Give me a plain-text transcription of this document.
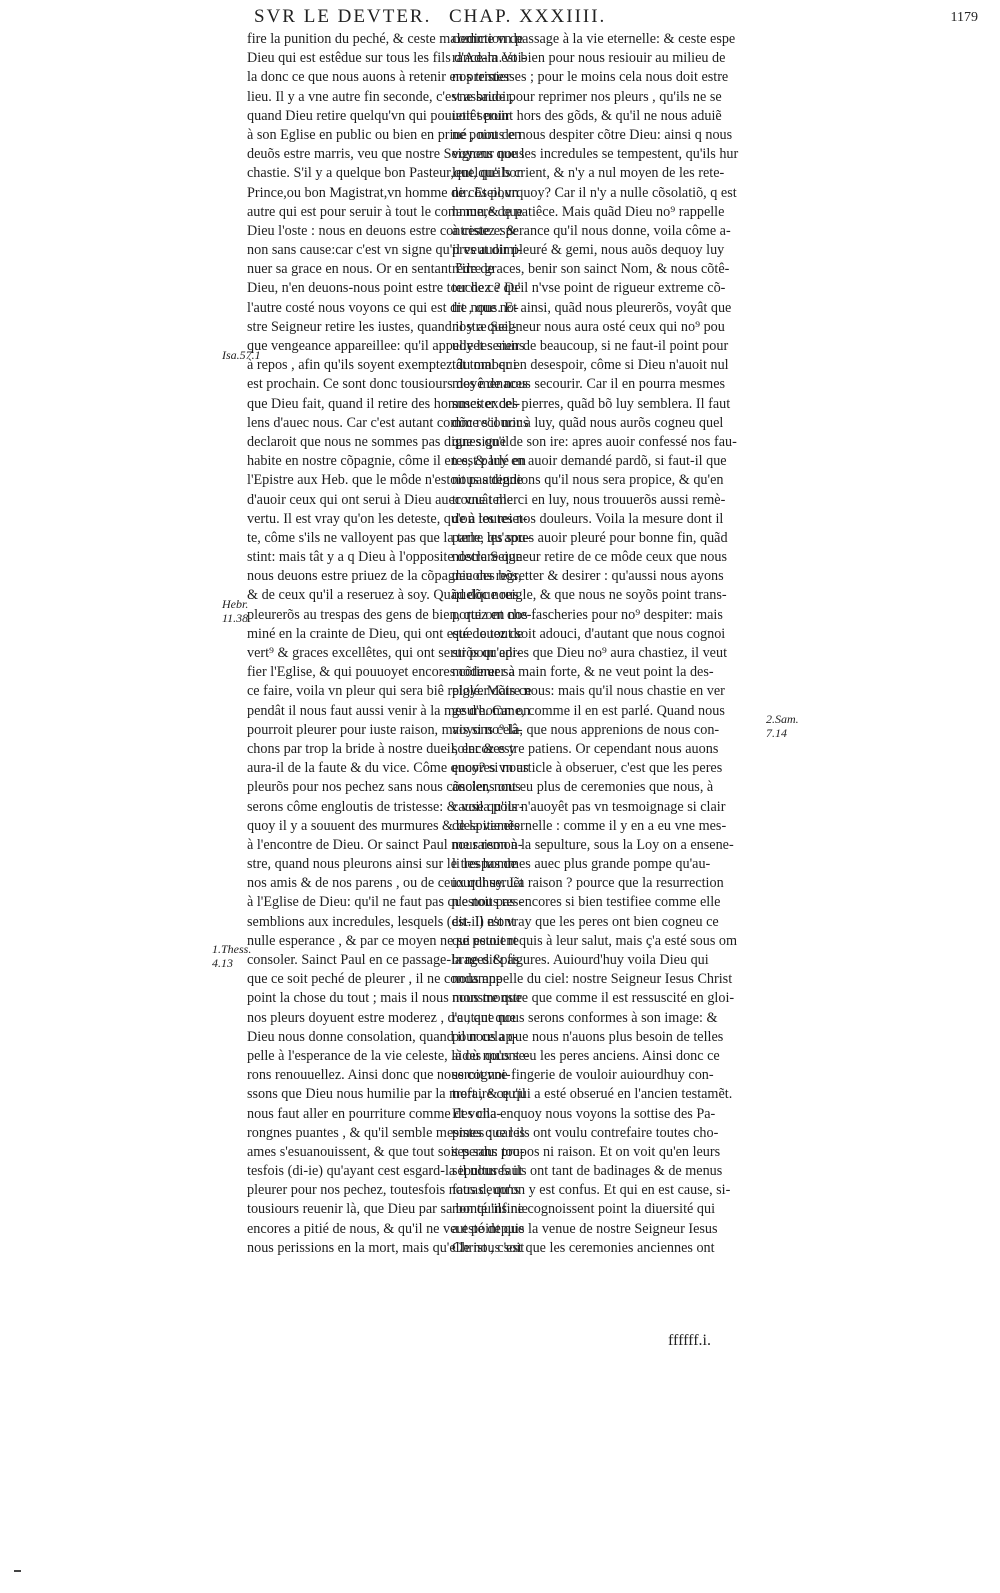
SVR LE DEVTER. CHAP. XXXIIII.	1179
fire la punition du peché, & ceste malediction de
Dieu qui est estêdue sur tous les fils d'Adam.Voi-
la donc ce que nous auons à retenir en premier
lieu. Il y a vne autre fin seconde, c'est assauoir,
quand Dieu retire quelqu'vn qui pouuoit seruir
à son Eglise en public ou bien en priué , nous en
deuõs estre marris, veu que nostre Seigneur nous
chastie. S'il y a quelque bon Pasteur,quelque bon
Prince,ou bon Magistrat,vn homme de cõseil,vn
autre qui est pour seruir à tout le commun,& que
Dieu l'oste : nous en deuons estre contristez : &
non sans cause:car c'est vn signe qu'il veut dimi-
nuer sa grace en nous. Or en sentant l'ire de
Dieu, n'en deuons-nous point estre touchez ? De
l'autre costé nous voyons ce qui est dit , que no-
stre Seigneur retire les iustes, quand il y a quel-
que vengeance appareillee: qu'il appelle les siens
à repos , afin qu'ils soyent exemptez du mal qui
est prochain. Ce sont donc tousiours des menaces
que Dieu fait, quand il retire des hommes excel-
lens d'auec nous. Car c'est autant comme s'il nous
declaroit que nous ne sommes pas dignes qu'il
habite en nostre cõpagnie, côme il en est parlé en
l'Epistre aux Heb. que le môde n'estoit pas digne
d'auoir ceux qui ont serui à Dieu auec vne telle
vertu. Il est vray qu'on les deteste, qu'on les reiet-
te, côme s'ils ne valloyent pas que la terre les sou-
stint: mais tât y a q Dieu à l'opposite declare que
nous deuons estre priuez de la cõpagnie des bõs,
& de ceux qu'il a reseruez à soy. Quãd dõc nous
pleurerõs au trespas des gens de bien, qui ont che-
miné en la crainte de Dieu, qui ont esté douez de
vert⁹ & graces excellêtes, qui ont serui pour edi-
fier l'Eglise, & qui pouuoyet encores cõtinuer à
ce faire, voila vn pleur qui sera biê reiglé. Mais ce
pendât il nous faut aussi venir à la mesure. Car on
pourroit pleurer pour iuste raison, mais si no⁹ lâ-
chons par trop la bride à nostre dueil, encores y
aura-il de la faute & du vice. Côme quoy? si nous
pleurõs pour nos pechez sans nous cõsoler, nous
serons côme engloutis de tristesse: & voila pour-
quoy il y a souuent des murmures & despitemẽs
à l'encontre de Dieu. Or sainct Paul nous remon-
stre, quand nous pleurons ainsi sur le trespas de
nos amis & de nos parens , ou de ceux qui seruẽt
à l'Eglise de Dieu: qu'il ne faut pas que nous res-
semblions aux incredules, lesquels (dit-il) n'ont
nulle esperance , & par ce moyen ne se peuuent
consoler. Sainct Paul en ce passage-la ne dit pas
que ce soit peché de pleurer , il ne condamne
point la chose du tout ; mais il nous monstre que
nos pleurs doyuent estre moderez , d'autant que
Dieu nous donne consolation, quand il nous ap-
pelle à l'esperance de la vie celeste, là où nous se-
rons renouuellez. Ainsi donc que nous cognoi-
ssons que Dieu nous humilie par la mort , & qu'il
nous faut aller en pourriture comme des cha-
rongnes puantes , & qu'il semble mesmes que les
ames s'esuanouissent, & que tout soit perdu: tou-
tesfois (di-ie) qu'ayant cest esgard-la il nous faut
pleurer pour nos pechez, toutesfois nous deuons
tousiours reuenir là, que Dieu par sa bonté infinie
encores a pitié de nous, & qu'il ne veut point que
nous perissions en la mort, mais qu'elle nous soit
comme vn passage à la vie eternelle: & ceste espe
rance-la est bien pour nous resiouir au milieu de
nos tristesses ; pour le moins cela nous doit estre
vne bride pour reprimer nos pleurs , qu'ils ne se
iettêt point hors des gõds, & qu'il ne nous aduiẽ
ne point de nous despiter cõtre Dieu: ainsi q nous
voyons que les incredules se tempestent, qu'ils hur
lent, qu'ils crient, & n'y a nul moyen de les rete-
nir. Et pourquoy? Car il n'y a nulle cõsolatiõ, q est
la mere de patiêce. Mais quãd Dieu no⁹ rappelle
à ceste esperance qu'il nous donne, voila côme a-
pres auoir pleuré & gemi, nous auõs dequoy luy
rẽdre graces, benir son sainct Nom, & nous cõtê-
ter de ce qu'il n'vse point de rigueur extreme cõ-
tre nous. Et ainsi, quãd nous pleurerõs, voyât que
nostre Seigneur nous aura osté ceux qui no⁹ pou
uoyet seruir de beaucoup, si ne faut-il point pour
tât tomber en desespoir, côme si Dieu n'auoit nul
moyê de nous secourir. Car il en pourra mesmes
susciter des pierres, quãd bõ luy semblera. Il faut
dõc recourir à luy, quãd nous aurõs cogneu quel
que signe de son ire: apres auoir confessé nos fau-
tes, & luy en auoir demandé pardõ, si faut-il que
nous attendions qu'il nous sera propice, & qu'en
trouuât merci en luy, nous trouuerõs aussi remè-
de à toutes nos douleurs. Voila la mesure dont il
parle, qu'apres auoir pleuré pour bonne fin, quãd
nostre Seigneur retire de ce môde ceux que nous
deuons regretter & desirer : qu'aussi nous ayons
quelque reigle, & que nous ne soyõs point trans-
portez en nos fascheries pour no⁹ despiter: mais
que le tout soit adouci, d'autant que nous cognoi
strõs qu'apres que Dieu no⁹ aura chastiez, il veut
moderer sa main forte, & ne veut point la des-
ployer cõtre nous: mais qu'il nous chastie en ver
ge d'homme, comme il en est parlé. Quand nous
voyons cela, que nous apprenions de nous con-
soler & estre patiens. Or cependant nous auons
encores vn article à obseruer, c'est que les peres
anciens ont eu plus de ceremonies que nous, à
cause qu'ils n'auoyêt pas vn tesmoignage si clair
de la vie eternelle : comme il y en a eu vne mes-
me raison à la sepulture, sous la Loy on a ensene-
li les hommes auec plus grande pompe qu'au-
iourdhuy. La raison ? pource que la resurrection
n'estoit pas encores si bien testifiee comme elle
est. Il est vray que les peres ont bien cogneu ce
qui estoit requis à leur salut, mais ç'a esté sous om
brages & figures. Auiourd'huy voila Dieu qui
nous appelle du ciel: nostre Seigneur Iesus Christ
nous monstre que comme il est ressuscité en gloi-
re , que nous serons conformes à son image: &
pour cela que nous n'auons plus besoin de telles
aides qu'ont eu les peres anciens. Ainsi donc ce
seroit vne fingerie de vouloir auiourdhuy con-
trefaire ce qui a esté obserué en l'ancien testamẽt.
Et voila enquoy nous voyons la sottise des Pa-
pistes : car ils ont voulu contrefaire toutes cho-
ses sans propos ni raison. Et on voit qu'en leurs
sepultures ils ont tant de badinages & de menus
fatras , qu'on y est confus. Et qui en est cause, si-
non qu'ils ne cognoissent point la diuersité qui
a esté depuis la venue de nostre Seigneur Iesus
Christ , c'est que les ceremonies anciennes ont
Isa.57.1
Hebr.
11.38
1.Thess.
4.13
2.Sam.
7.14
ffffff.i.
